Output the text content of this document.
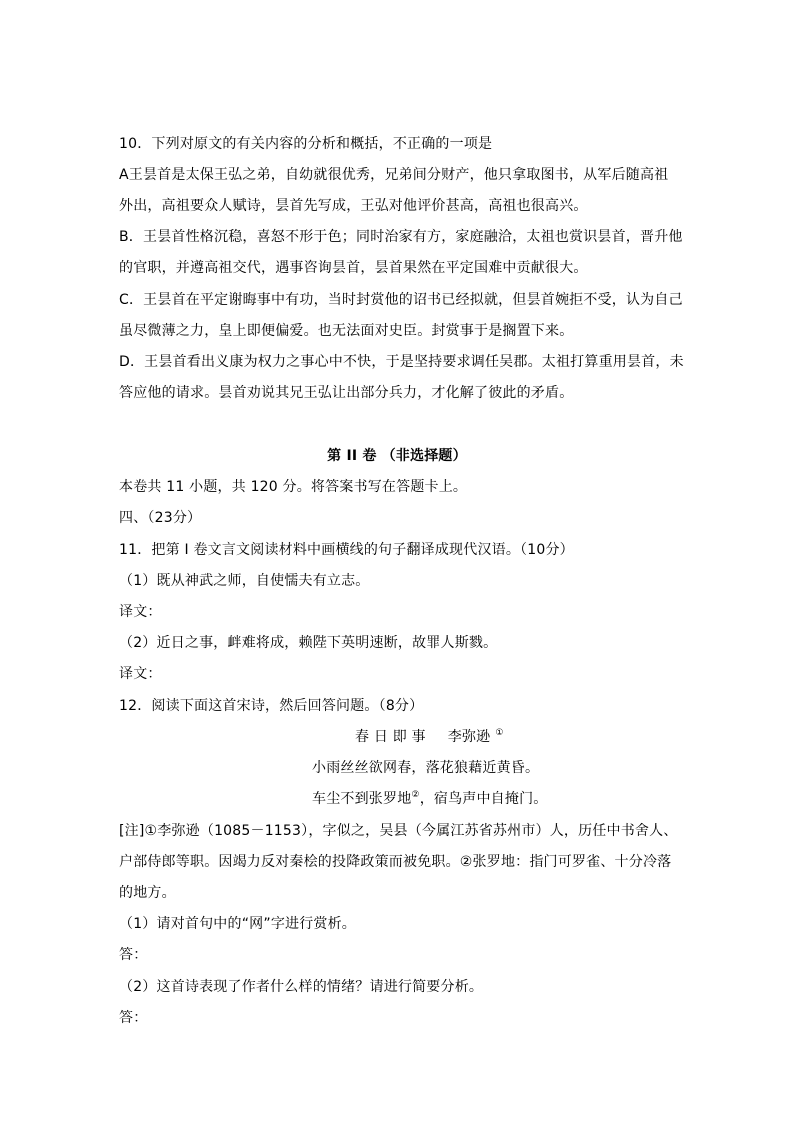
10．下列对原文的有关内容的分析和概括，不正确的一项是
A王昙首是太保王弘之弟，自幼就很优秀，兄弟间分财产，他只拿取图书，从军后随高祖
外出，高祖要众人赋诗，昙首先写成，王弘对他评价甚高，高祖也很高兴。
B．王昙首性格沉稳，喜怒不形于色；同时治家有方，家庭融洽，太祖也赏识昙首，晋升他
的官职，并遵高祖交代，遇事咨询昙首，昙首果然在平定国难中贡献很大。
C．王昙首在平定谢晦事中有功，当时封赏他的诏书已经拟就，但昙首婉拒不受，认为自己
虽尽微薄之力，皇上即便偏爱。也无法面对史臣。封赏事于是搁置下来。
D．王昙首看出义康为权力之事心中不快，于是坚持要求调任吴郡。太祖打算重用昙首，未
答应他的请求。昙首劝说其兄王弘让出部分兵力，才化解了彼此的矛盾。
第 II 卷 （非选择题）
本卷共 11 小题，共 120 分。将答案书写在答题卡上。
四、（23分）
11．把第 I 卷文言文阅读材料中画横线的句子翻译成现代汉语。（10分）
（1）既从神武之师，自使懦夫有立志。
译文：
（2）近日之事，衅难将成，赖陛下英明速断，故罪人斯戮。
译文：
12．阅读下面这首宋诗，然后回答问题。（8分）
春 日 即 事 李弥逊 ①
小雨丝丝欲网春，落花狼藉近黄昏。
车尘不到张罗地②，宿鸟声中自掩门。
[注]①李弥逊（1085－1153），字似之，吴县（今属江苏省苏州市）人，历任中书舍人、
户部侍郎等职。因竭力反对秦桧的投降政策而被免职。②张罗地：指门可罗雀、十分冷落
的地方。
（1）请对首句中的“网”字进行赏析。
答：
（2）这首诗表现了作者什么样的情绪？请进行简要分析。
答：
